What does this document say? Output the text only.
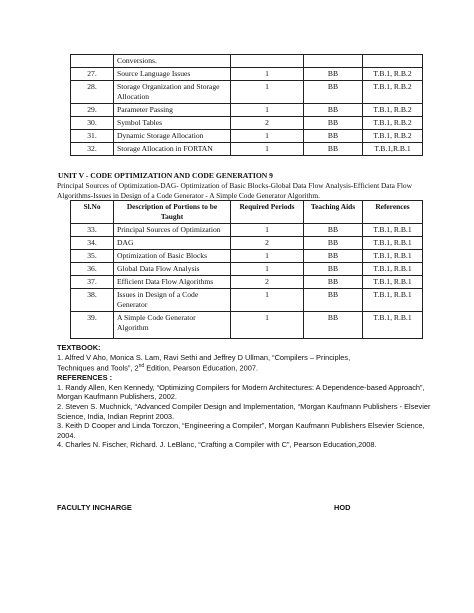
	Conversions.			
27.	Source Language Issues	1	BB	T.B.1, R.B.2
28.	Storage Organization and Storage Allocation	1	BB	T.B.1, R.B.2
29.	Parameter Passing	1	BB	T.B.1, R.B.2
30.	Symbol Tables	2	BB	T.B.1, R.B.2
31.	Dynamic Storage Allocation	1	BB	T.B.1, R.B.2
32.	Storage Allocation in FORTAN	1	BB	T.B.1,R.B.1
UNIT V - CODE OPTIMIZATION AND CODE GENERATION 9
Principal Sources of Optimization-DAG- Optimization of Basic Blocks-Global Data Flow Analysis-Efficient Data Flow Algorithms-Issues in Design of a Code Generator - A Simple Code Generator Algorithm.
Sl.No	Description of Portions to be Taught	Required Periods	Teaching Aids	References
33.	Principal Sources of Optimization	1	BB	T.B.1, R.B.1
34.	DAG	2	BB	T.B.1, R.B.1
35.	Optimization of Basic Blocks	1	BB	T.B.1, R.B.1
36.	Global Data Flow Analysis	1	BB	T.B.1, R.B.1
37.	Efficient Data Flow Algorithms	2	BB	T.B.1, R.B.1
38.	Issues in Design of a Code Generator	1	BB	T.B.1, R.B.1
39.	A Simple Code Generator Algorithm	1	BB	T.B.1, R.B.1
TEXTBOOK:
1. Alfred V Aho, Monica S. Lam, Ravi Sethi and Jeffrey D Ullman, “Compilers – Principles,
Techniques and Tools”, 2nd Edition, Pearson Education, 2007.
REFERENCES :
1. Randy Allen, Ken Kennedy, “Optimizing Compilers for Modern Architectures: A Dependence-based Approach”, Morgan Kaufmann Publishers, 2002.
2. Steven S. Muchnick, “Advanced Compiler Design and Implementation, “Morgan Kaufmann Publishers - Elsevier Science, India, Indian Reprint 2003.
3. Keith D Cooper and Linda Torczon, “Engineering a Compiler”, Morgan Kaufmann Publishers Elsevier Science, 2004.
4. Charles N. Fischer, Richard. J. LeBlanc, “Crafting a Compiler with C”, Pearson Education,2008.
FACULTY INCHARGE	HOD
